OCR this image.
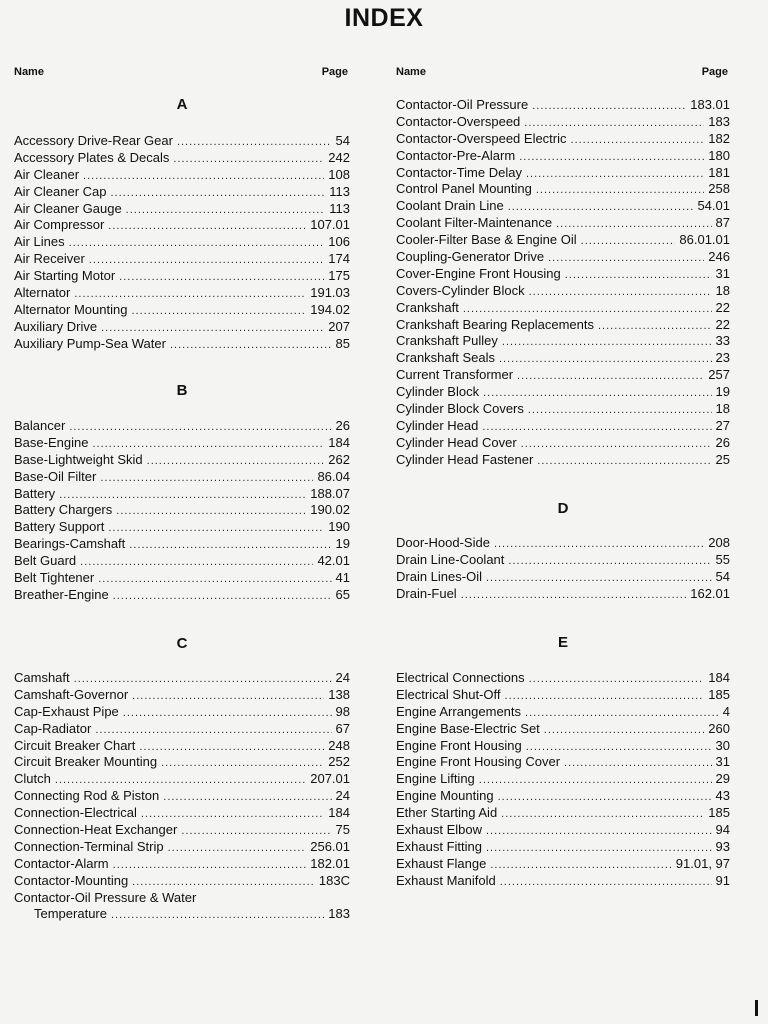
INDEX
Name	Page	Name	Page
A
Accessory Drive-Rear Gear .....	54
Accessory Plates & Decals .....	242
Air Cleaner .....	108
Air Cleaner Cap .....	113
Air Cleaner Gauge .....	113
Air Compressor .....	107.01
Air Lines .....	106
Air Receiver .....	174
Air Starting Motor .....	175
Alternator .....	191.03
Alternator Mounting .....	194.02
Auxiliary Drive .....	207
Auxiliary Pump-Sea Water .....	85
B
Balancer .....	26
Base-Engine .....	184
Base-Lightweight Skid .....	262
Base-Oil Filter .....	86.04
Battery .....	188.07
Battery Chargers .....	190.02
Battery Support .....	190
Bearings-Camshaft .....	19
Belt Guard .....	42.01
Belt Tightener .....	41
Breather-Engine .....	65
C
Camshaft .....	24
Camshaft-Governor .....	138
Cap-Exhaust Pipe .....	98
Cap-Radiator .....	67
Circuit Breaker Chart .....	248
Circuit Breaker Mounting .....	252
Clutch .....	207.01
Connecting Rod & Piston .....	24
Connection-Electrical .....	184
Connection-Heat Exchanger .....	75
Connection-Terminal Strip .....	256.01
Contactor-Alarm .....	182.01
Contactor-Mounting .....	183C
Contactor-Oil Pressure & Water
Temperature .....	183
Contactor-Oil Pressure .....	183.01
Contactor-Overspeed .....	183
Contactor-Overspeed Electric .....	182
Contactor-Pre-Alarm .....	180
Contactor-Time Delay .....	181
Control Panel Mounting .....	258
Coolant Drain Line .....	54.01
Coolant Filter-Maintenance .....	87
Cooler-Filter Base & Engine Oil .....	86.01.01
Coupling-Generator Drive .....	246
Cover-Engine Front Housing .....	31
Covers-Cylinder Block .....	18
Crankshaft .....	22
Crankshaft Bearing Replacements .....	22
Crankshaft Pulley .....	33
Crankshaft Seals .....	23
Current Transformer .....	257
Cylinder Block .....	19
Cylinder Block Covers .....	18
Cylinder Head .....	27
Cylinder Head Cover .....	26
Cylinder Head Fastener .....	25
D
Door-Hood-Side .....	208
Drain Line-Coolant .....	55
Drain Lines-Oil .....	54
Drain-Fuel .....	162.01
E
Electrical Connections .....	184
Electrical Shut-Off .....	185
Engine Arrangements .....	4
Engine Base-Electric Set .....	260
Engine Front Housing .....	30
Engine Front Housing Cover .....	31
Engine Lifting .....	29
Engine Mounting .....	43
Ether Starting Aid .....	185
Exhaust Elbow .....	94
Exhaust Fitting .....	93
Exhaust Flange .....	91.01, 97
Exhaust Manifold .....	91
